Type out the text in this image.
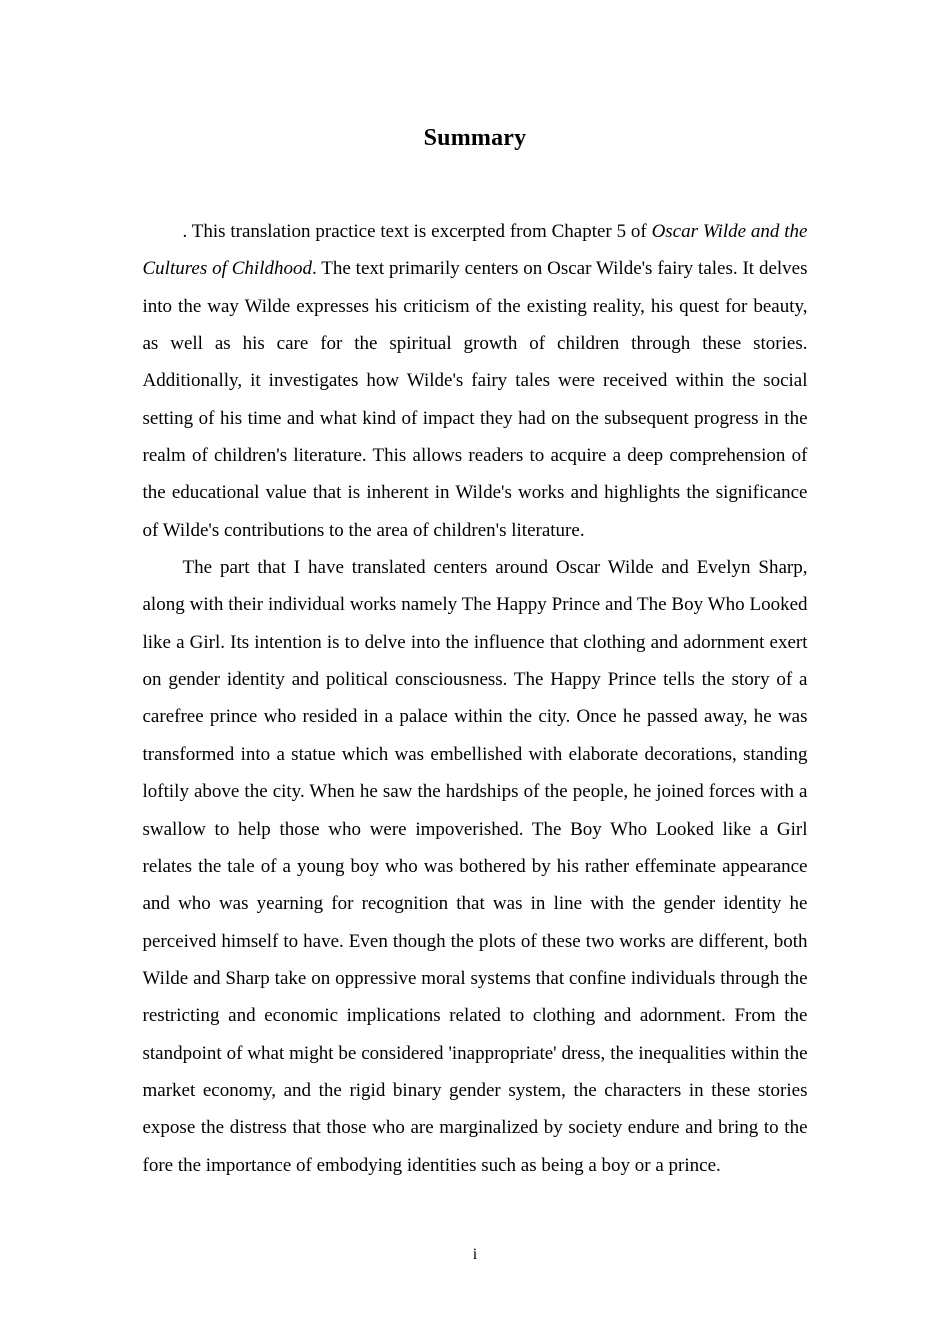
Summary

. This translation practice text is excerpted from Chapter 5 of Oscar Wilde and the Cultures of Childhood. The text primarily centers on Oscar Wilde's fairy tales. It delves into the way Wilde expresses his criticism of the existing reality, his quest for beauty, as well as his care for the spiritual growth of children through these stories. Additionally, it investigates how Wilde's fairy tales were received within the social setting of his time and what kind of impact they had on the subsequent progress in the realm of children's literature. This allows readers to acquire a deep comprehension of the educational value that is inherent in Wilde's works and highlights the significance of Wilde's contributions to the area of children's literature.

The part that I have translated centers around Oscar Wilde and Evelyn Sharp, along with their individual works namely The Happy Prince and The Boy Who Looked like a Girl. Its intention is to delve into the influence that clothing and adornment exert on gender identity and political consciousness. The Happy Prince tells the story of a carefree prince who resided in a palace within the city. Once he passed away, he was transformed into a statue which was embellished with elaborate decorations, standing loftily above the city. When he saw the hardships of the people, he joined forces with a swallow to help those who were impoverished. The Boy Who Looked like a Girl relates the tale of a young boy who was bothered by his rather effeminate appearance and who was yearning for recognition that was in line with the gender identity he perceived himself to have. Even though the plots of these two works are different, both Wilde and Sharp take on oppressive moral systems that confine individuals through the restricting and economic implications related to clothing and adornment. From the standpoint of what might be considered 'inappropriate' dress, the inequalities within the market economy, and the rigid binary gender system, the characters in these stories expose the distress that those who are marginalized by society endure and bring to the fore the importance of embodying identities such as being a boy or a prince.

i
